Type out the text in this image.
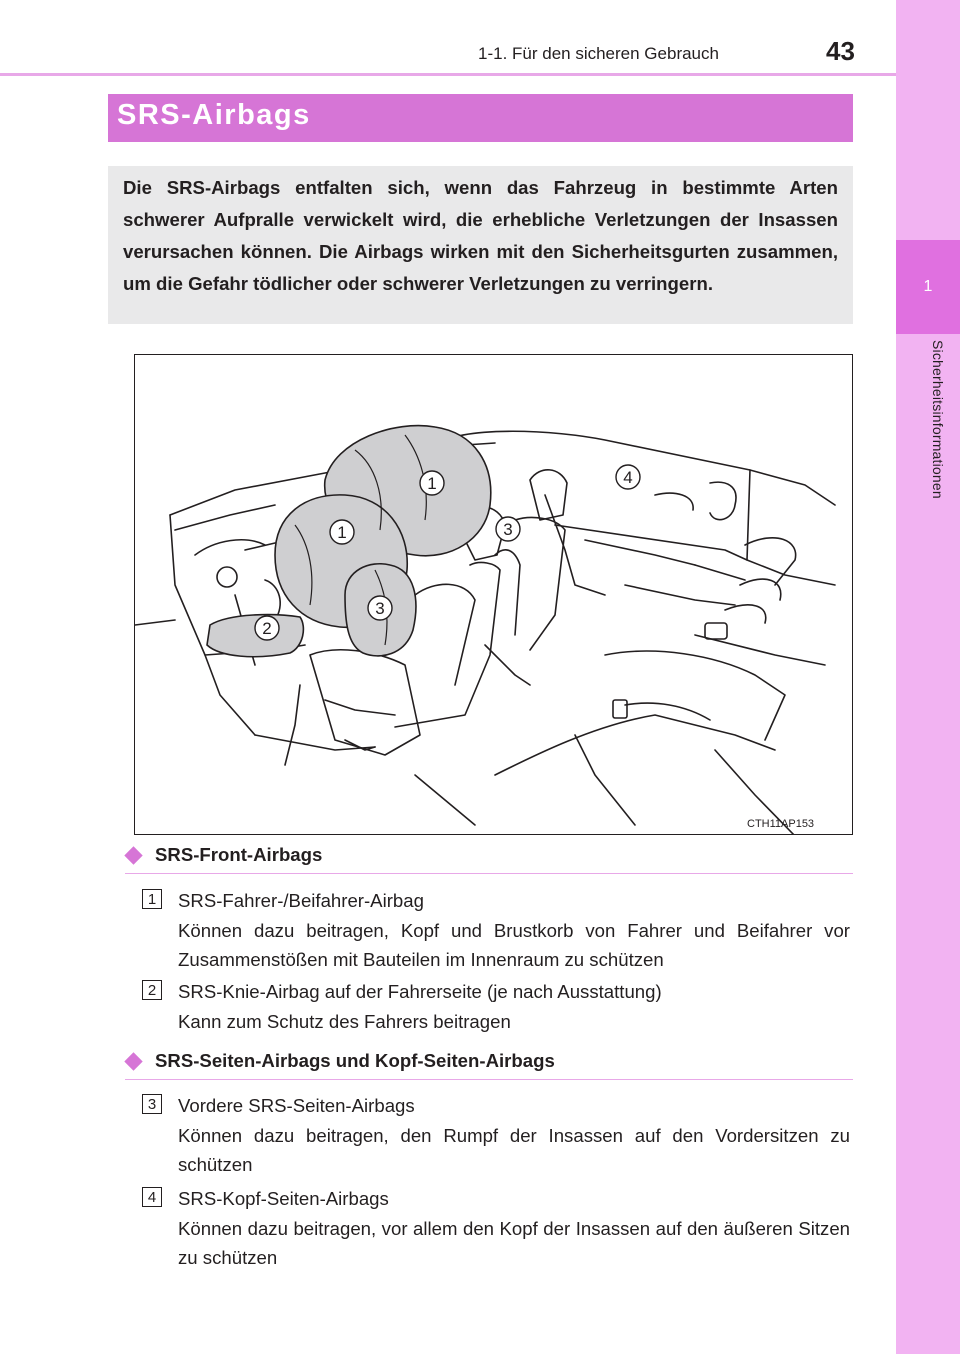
1-1. Für den sicheren Gebrauch	43
1
Sicherheitsinformationen
SRS-Airbags
Die SRS-Airbags entfalten sich, wenn das Fahrzeug in bestimmte Arten schwerer Aufpralle verwickelt wird, die erhebliche Verletzungen der Insassen verursachen können. Die Airbags wirken mit den Sicherheitsgurten zusammen, um die Gefahr tödlicher oder schwerer Verletzungen zu verringern.
1
1
2
3
3
4
CTH11AP153
SRS-Front-Airbags
1	SRS-Fahrer-/Beifahrer-Airbag
Können dazu beitragen, Kopf und Brustkorb von Fahrer und Beifahrer vor Zusammenstößen mit Bauteilen im Innenraum zu schützen
2	SRS-Knie-Airbag auf der Fahrerseite (je nach Ausstattung)
Kann zum Schutz des Fahrers beitragen
SRS-Seiten-Airbags und Kopf-Seiten-Airbags
3	Vordere SRS-Seiten-Airbags
Können dazu beitragen, den Rumpf der Insassen auf den Vordersitzen zu schützen
4	SRS-Kopf-Seiten-Airbags
Können dazu beitragen, vor allem den Kopf der Insassen auf den äußeren Sitzen zu schützen
